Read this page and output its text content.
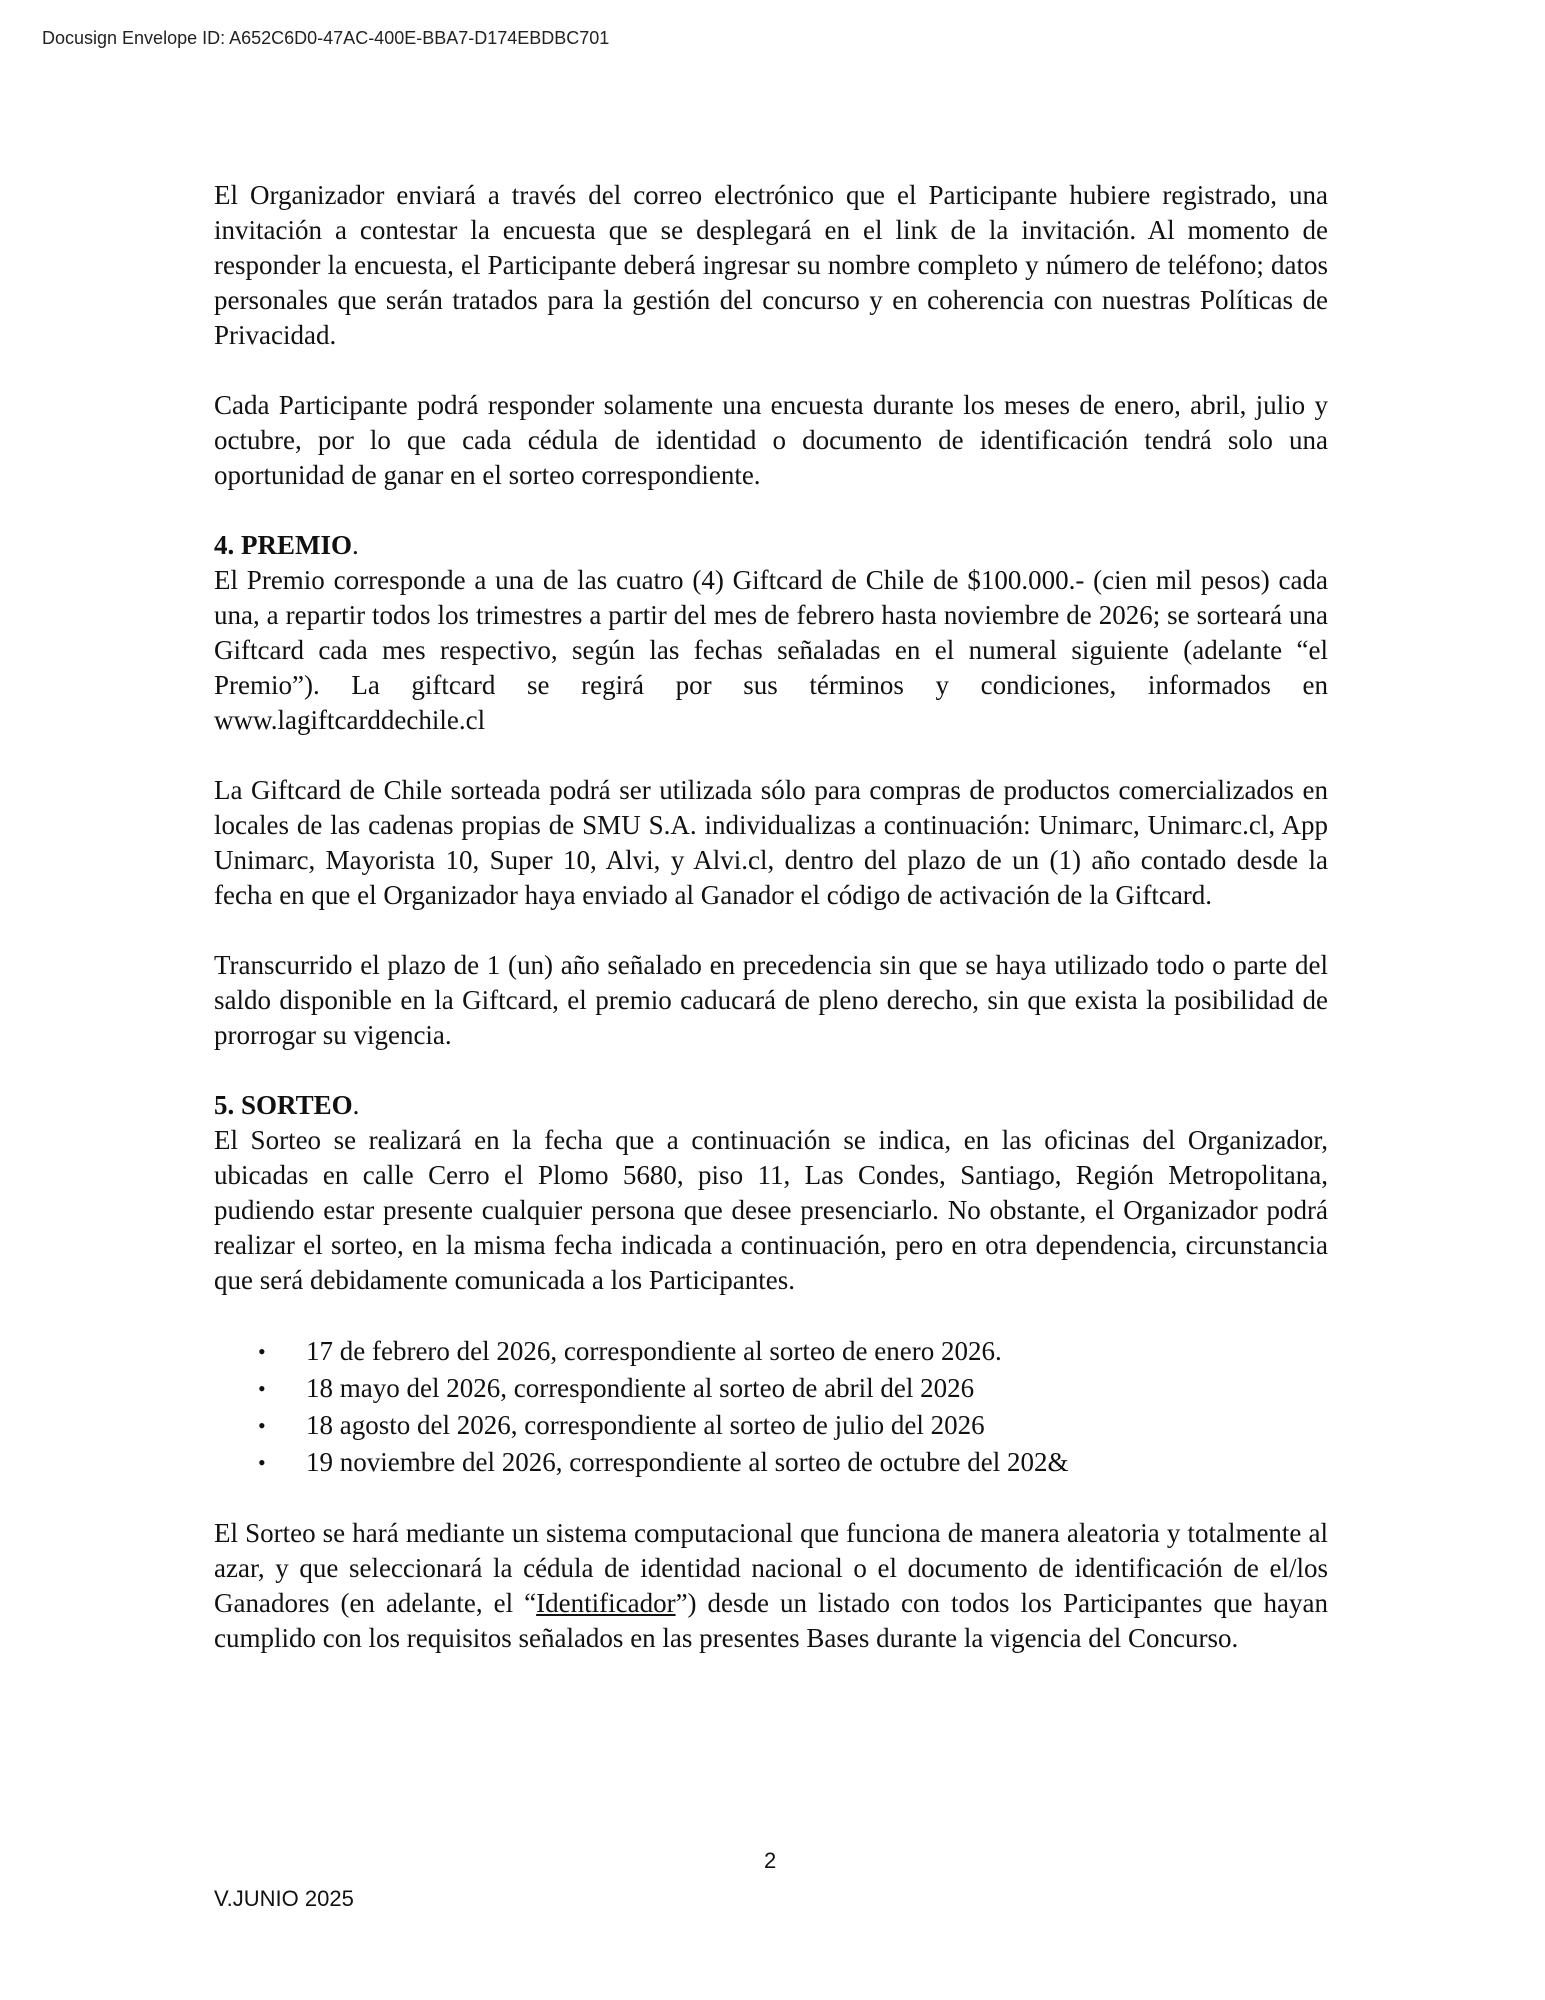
Docusign Envelope ID: A652C6D0-47AC-400E-BBA7-D174EBDBC701

El Organizador enviará a través del correo electrónico que el Participante hubiere registrado, una invitación a contestar la encuesta que se desplegará en el link de la invitación. Al momento de responder la encuesta, el Participante deberá ingresar su nombre completo y número de teléfono; datos personales que serán tratados para la gestión del concurso y en coherencia con nuestras Políticas de Privacidad.

Cada Participante podrá responder solamente una encuesta durante los meses de enero, abril, julio y octubre, por lo que cada cédula de identidad o documento de identificación tendrá solo una oportunidad de ganar en el sorteo correspondiente.

4. PREMIO.

El Premio corresponde a una de las cuatro (4) Giftcard de Chile de $100.000.- (cien mil pesos) cada una, a repartir todos los trimestres a partir del mes de febrero hasta noviembre de 2026; se sorteará una Giftcard cada mes respectivo, según las fechas señaladas en el numeral siguiente (adelante “el Premio”). La giftcard se regirá por sus términos y condiciones, informados en www.lagiftcarddechile.cl

La Giftcard de Chile sorteada podrá ser utilizada sólo para compras de productos comercializados en locales de las cadenas propias de SMU S.A. individualizas a continuación: Unimarc, Unimarc.cl, App Unimarc, Mayorista 10, Super 10, Alvi, y Alvi.cl, dentro del plazo de un (1) año contado desde la fecha en que el Organizador haya enviado al Ganador el código de activación de la Giftcard.

Transcurrido el plazo de 1 (un) año señalado en precedencia sin que se haya utilizado todo o parte del saldo disponible en la Giftcard, el premio caducará de pleno derecho, sin que exista la posibilidad de prorrogar su vigencia.

5. SORTEO.

El Sorteo se realizará en la fecha que a continuación se indica, en las oficinas del Organizador, ubicadas en calle Cerro el Plomo 5680, piso 11, Las Condes, Santiago, Región Metropolitana, pudiendo estar presente cualquier persona que desee presenciarlo. No obstante, el Organizador podrá realizar el sorteo, en la misma fecha indicada a continuación, pero en otra dependencia, circunstancia que será debidamente comunicada a los Participantes.

• 17 de febrero del 2026, correspondiente al sorteo de enero 2026.
• 18 mayo del 2026, correspondiente al sorteo de abril del 2026
• 18 agosto del 2026, correspondiente al sorteo de julio del 2026
• 19 noviembre del 2026, correspondiente al sorteo de octubre del 202&

El Sorteo se hará mediante un sistema computacional que funciona de manera aleatoria y totalmente al azar, y que seleccionará la cédula de identidad nacional o el documento de identificación de el/los Ganadores (en adelante, el “Identificador”) desde un listado con todos los Participantes que hayan cumplido con los requisitos señalados en las presentes Bases durante la vigencia del Concurso.

2
V.JUNIO 2025
